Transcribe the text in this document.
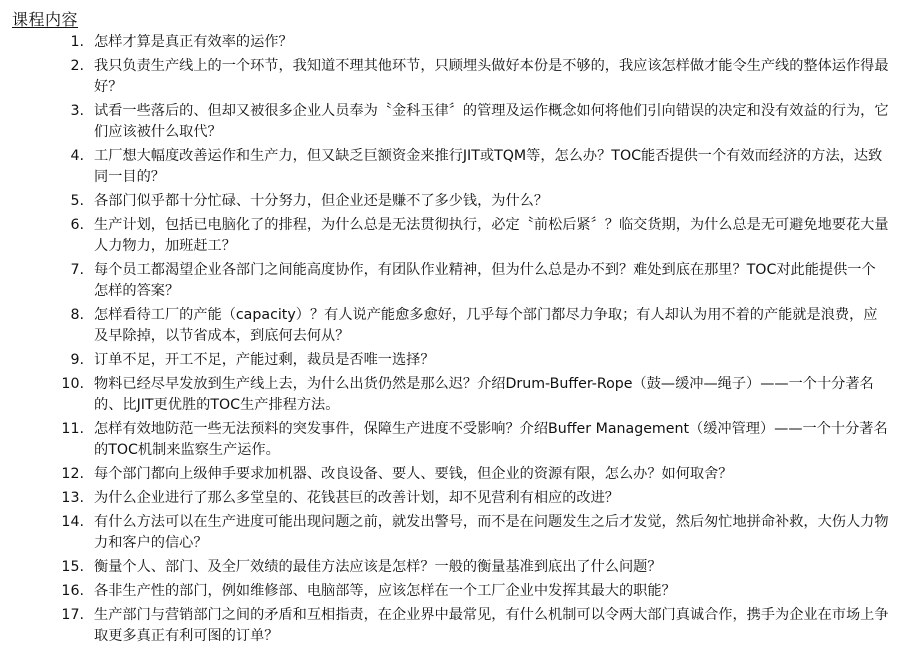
课程内容
1. 怎样才算是真正有效率的运作？
2. 我只负责生产线上的一个环节，我知道不理其他环节，只顾埋头做好本份是不够的，我应该怎样做才能令生产线的整体运作得最好？
3. 试看一些落后的、但却又被很多企业人员奉为〝金科玉律〞的管理及运作概念如何将他们引向错误的决定和没有效益的行为，它们应该被什么取代？
4. 工厂想大幅度改善运作和生产力，但又缺乏巨额资金来推行JIT或TQM等，怎么办？TOC能否提供一个有效而经济的方法，达致同一目的？
5. 各部门似乎都十分忙碌、十分努力，但企业还是赚不了多少钱，为什么？
6. 生产计划，包括已电脑化了的排程，为什么总是无法贯彻执行，必定〝前松后紧〞？临交货期，为什么总是无可避免地要花大量人力物力，加班赶工？
7. 每个员工都渴望企业各部门之间能高度协作，有团队作业精神，但为什么总是办不到？难处到底在那里？TOC对此能提供一个怎样的答案？
8. 怎样看待工厂的产能（capacity）？有人说产能愈多愈好，几乎每个部门都尽力争取；有人却认为用不着的产能就是浪费，应及早除掉，以节省成本，到底何去何从？
9. 订单不足，开工不足，产能过剩，裁员是否唯一选择？
10. 物料已经尽早发放到生产线上去，为什么出货仍然是那么迟？介绍Drum-Buffer-Rope（鼓—缓冲—绳子）——一个十分著名的、比JIT更优胜的TOC生产排程方法。
11. 怎样有效地防范一些无法预料的突发事件，保障生产进度不受影响？介绍Buffer Management（缓冲管理）——一个十分著名的TOC机制来监察生产运作。
12. 每个部门都向上级伸手要求加机器、改良设备、要人、要钱，但企业的资源有限，怎么办？如何取舍？
13. 为什么企业进行了那么多堂皇的、花钱甚巨的改善计划，却不见营利有相应的改进？
14. 有什么方法可以在生产进度可能出现问题之前，就发出警号，而不是在问题发生之后才发觉，然后匆忙地拼命补救，大伤人力物力和客户的信心？
15. 衡量个人、部门、及全厂效绩的最佳方法应该是怎样？一般的衡量基准到底出了什么问题？
16. 各非生产性的部门，例如维修部、电脑部等，应该怎样在一个工厂企业中发挥其最大的职能？
17. 生产部门与营销部门之间的矛盾和互相指责，在企业界中最常见，有什么机制可以令两大部门真诚合作，携手为企业在市场上争取更多真正有利可图的订单？
